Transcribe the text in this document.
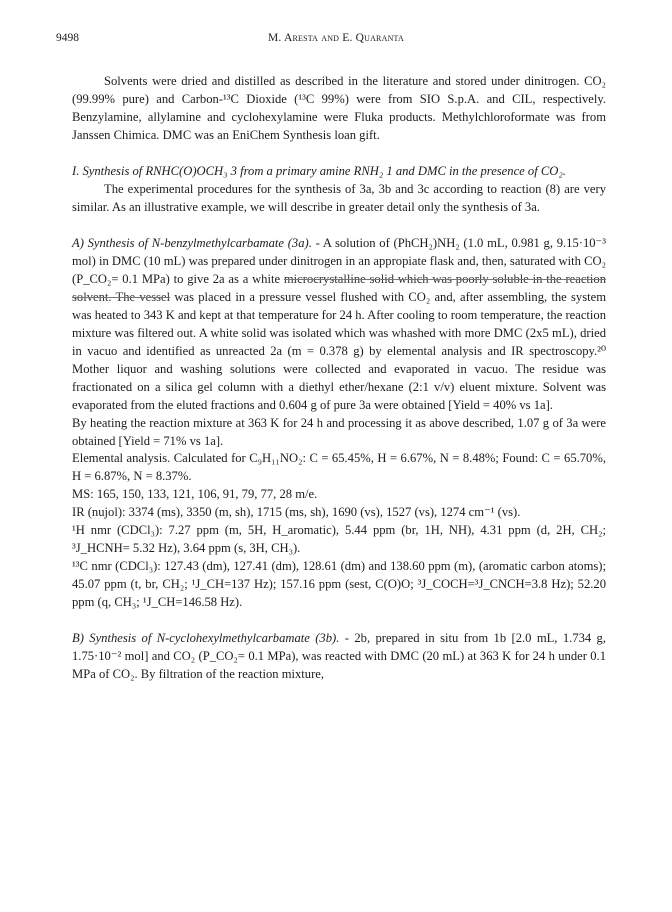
9498	M. Aresta and E. Quaranta

Solvents were dried and distilled as described in the literature and stored under dinitrogen. CO₂ (99.99% pure) and Carbon-¹³C Dioxide (¹³C 99%) were from SIO S.p.A. and CIL, respectively. Benzylamine, allylamine and cyclohexylamine were Fluka products. Methylchloroformate was from Janssen Chimica. DMC was an EniChem Synthesis loan gift.

I. Synthesis of RNHC(O)OCH₃ 3 from a primary amine RNH₂ 1 and DMC in the presence of CO₂.

The experimental procedures for the synthesis of 3a, 3b and 3c according to reaction (8) are very similar. As an illustrative example, we will describe in greater detail only the synthesis of 3a.

A) Synthesis of N-benzylmethylcarbamate (3a). - A solution of (PhCH₂)NH₂ (1.0 mL, 0.981 g, 9.15·10⁻³ mol) in DMC (10 mL) was prepared under dinitrogen in an appropiate flask and, then, saturated with CO₂ (P_CO₂= 0.1 MPa) to give 2a as a white microcrystalline solid which was poorly soluble in the reaction solvent. The vessel was placed in a pressure vessel flushed with CO₂ and, after assembling, the system was heated to 343 K and kept at that temperature for 24 h. After cooling to room temperature, the reaction mixture was filtered out. A white solid was isolated which was whashed with more DMC (2x5 mL), dried in vacuo and identified as unreacted 2a (m = 0.378 g) by elemental analysis and IR spectroscopy.²⁰ Mother liquor and washing solutions were collected and evaporated in vacuo. The residue was fractionated on a silica gel column with a diethyl ether/hexane (2:1 v/v) eluent mixture. Solvent was evaporated from the eluted fractions and 0.604 g of pure 3a were obtained [Yield = 40% vs 1a].

By heating the reaction mixture at 363 K for 24 h and processing it as above described, 1.07 g of 3a were obtained [Yield = 71% vs 1a].

Elemental analysis. Calculated for C₉H₁₁NO₂: C = 65.45%, H = 6.67%, N = 8.48%; Found: C = 65.70%, H = 6.87%, N = 8.37%.

MS: 165, 150, 133, 121, 106, 91, 79, 77, 28 m/e.

IR (nujol): 3374 (ms), 3350 (m, sh), 1715 (ms, sh), 1690 (vs), 1527 (vs), 1274 cm⁻¹ (vs).

¹H nmr (CDCl₃): 7.27 ppm (m, 5H, H_aromatic), 5.44 ppm (br, 1H, NH), 4.31 ppm (d, 2H, CH₂; ³J_HCNH= 5.32 Hz), 3.64 ppm (s, 3H, CH₃).

¹³C nmr (CDCl₃): 127.43 (dm), 127.41 (dm), 128.61 (dm) and 138.60 ppm (m), (aromatic carbon atoms); 45.07 ppm (t, br, CH₂; ¹J_CH=137 Hz); 157.16 ppm (sest, C(O)O; ³J_COCH=³J_CNCH=3.8 Hz); 52.20 ppm (q, CH₃; ¹J_CH=146.58 Hz).

B) Synthesis of N-cyclohexylmethylcarbamate (3b). - 2b, prepared in situ from 1b [2.0 mL, 1.734 g, 1.75·10⁻² mol] and CO₂ (P_CO₂= 0.1 MPa), was reacted with DMC (20 mL) at 363 K for 24 h under 0.1 MPa of CO₂. By filtration of the reaction mixture,
